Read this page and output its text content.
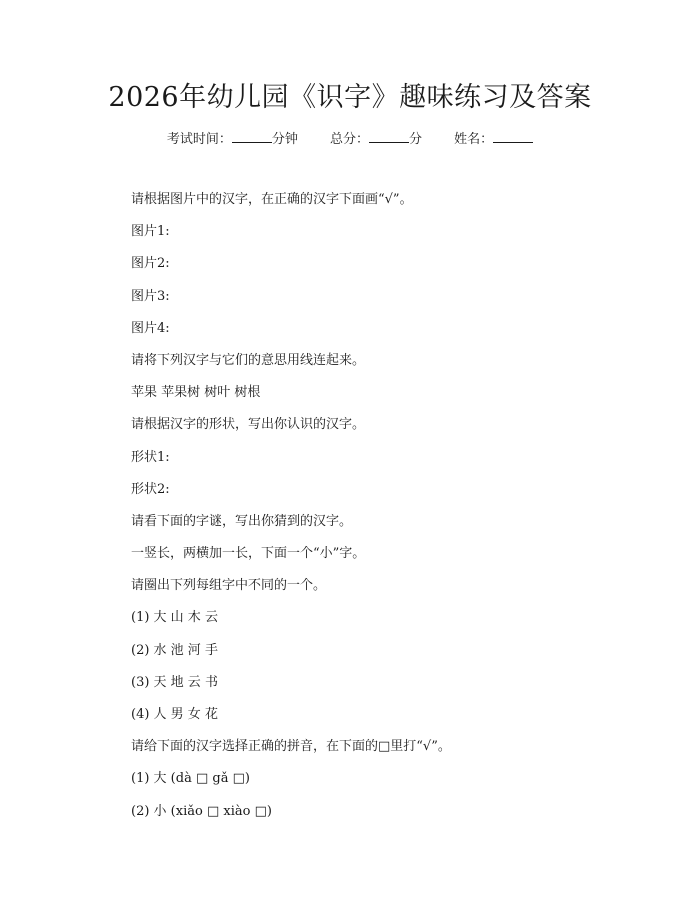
2026年幼儿园《识字》趣味练习及答案
考试时间：	分钟 总分：	分 姓名：
请根据图片中的汉字，在正确的汉字下面画“√”。
图片1:
图片2:
图片3:
图片4:
请将下列汉字与它们的意思用线连起来。
苹果 苹果树 树叶 树根
请根据汉字的形状，写出你认识的汉字。
形状1:
形状2:
请看下面的字谜，写出你猜到的汉字。
一竖长，两横加一长，下面一个“小”字。
请圈出下列每组字中不同的一个。
(1) 大 山 木 云
(2) 水 池 河 手
(3) 天 地 云 书
(4) 人 男 女 花
请给下面的汉字选择正确的拼音，在下面的□里打“√”。
(1) 大 (dà □ gǎ □)
(2) 小 (xiǎo □ xiào □)
